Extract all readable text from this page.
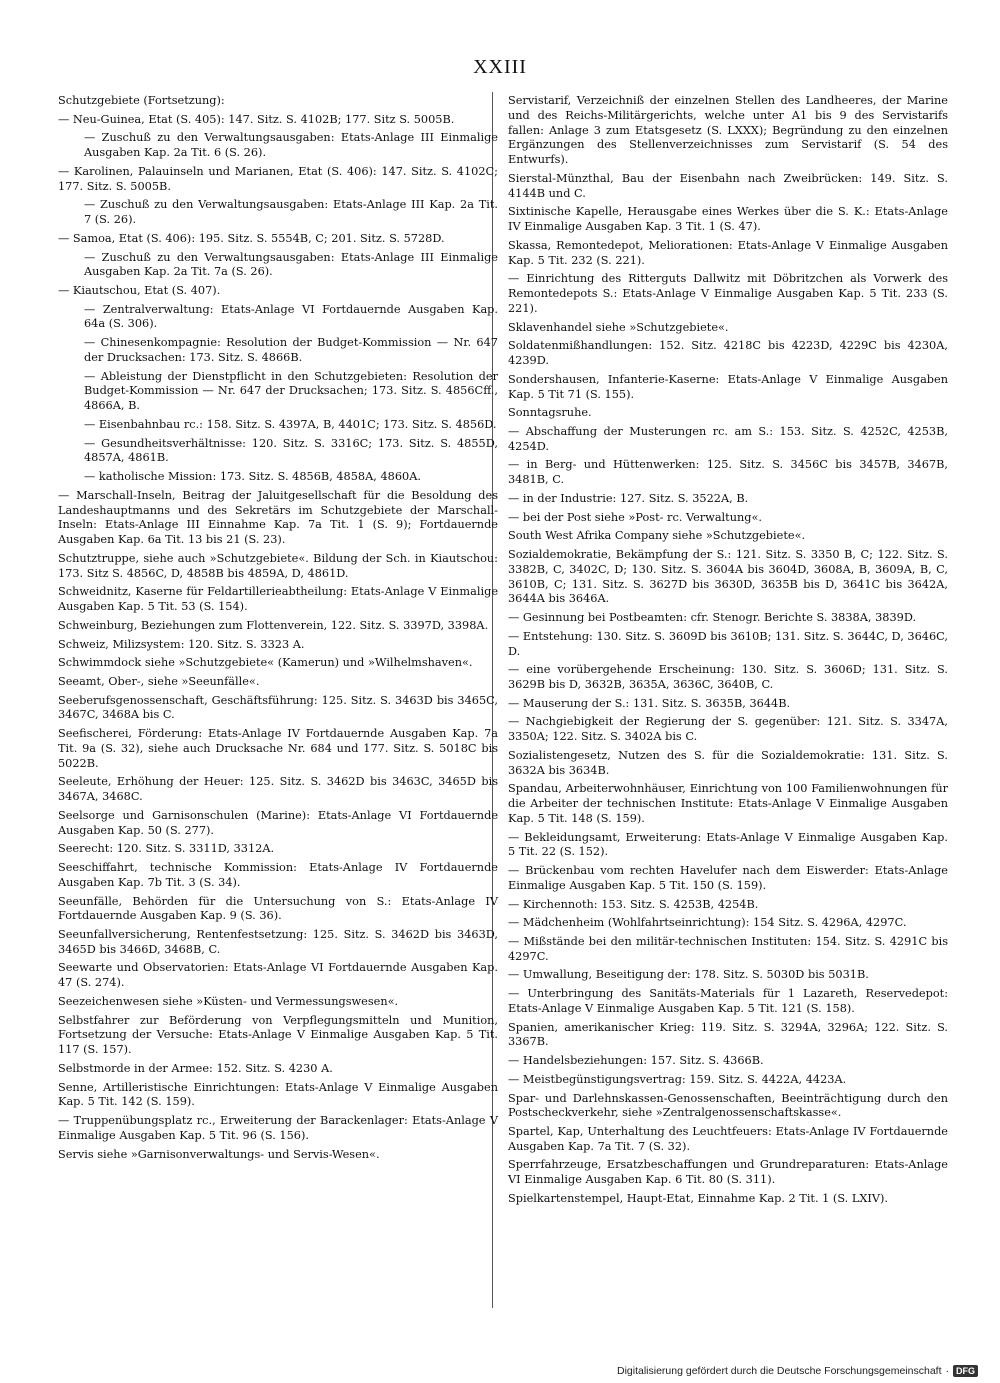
XXIII
Schutzgebiete (Fortsetzung):
— Neu-Guinea, Etat (S. 405): 147. Sitz. S. 4102B; 177. Sitz S. 5005B.
— Zuschuß zu den Verwaltungsausgaben: Etats-Anlage III Einmalige Ausgaben Kap. 2a Tit. 6 (S. 26).
— Karolinen, Palauinseln und Marianen, Etat (S. 406): 147. Sitz. S. 4102C; 177. Sitz. S. 5005B.
— Zuschuß zu den Verwaltungsausgaben: Etats-Anlage III Kap. 2a Tit. 7 (S. 26).
— Samoa, Etat (S. 406): 195. Sitz. S. 5554B, C; 201. Sitz. S. 5728D.
— Zuschuß zu den Verwaltungsausgaben: Etats-Anlage III Einmalige Ausgaben Kap. 2a Tit. 7a (S. 26).
— Kiautschou, Etat (S. 407).
— Zentralverwaltung: Etats-Anlage VI Fortdauernde Ausgaben Kap. 64a (S. 306).
— Chinesenkompagnie: Resolution der Budget-Kommission — Nr. 647 der Drucksachen: 173. Sitz. S. 4866B.
— Ableistung der Dienstpflicht in den Schutzgebieten: Resolution der Budget-Kommission — Nr. 647 der Drucksachen; 173. Sitz. S. 4856Cff., 4866A, B.
— Eisenbahnbau rc.: 158. Sitz. S. 4397A, B, 4401C; 173. Sitz. S. 4856D.
— Gesundheitsverhältnisse: 120. Sitz. S. 3316C; 173. Sitz. S. 4855D, 4857A, 4861B.
— katholische Mission: 173. Sitz. S. 4856B, 4858A, 4860A.
— Marschall-Inseln, Beitrag der Jaluitgesellschaft für die Besoldung des Landeshauptmanns und des Sekretärs im Schutzgebiete der Marschall-Inseln: Etats-Anlage III Einnahme Kap. 7a Tit. 1 (S. 9); Fortdauernde Ausgaben Kap. 6a Tit. 13 bis 21 (S. 23).
Schutztruppe, siehe auch »Schutzgebiete«. Bildung der Sch. in Kiautschou: 173. Sitz S. 4856C, D, 4858B bis 4859A, D, 4861D.
Schweidnitz, Kaserne für Feldartillerieabtheilung: Etats-Anlage V Einmalige Ausgaben Kap. 5 Tit. 53 (S. 154).
Schweinburg, Beziehungen zum Flottenverein, 122. Sitz. S. 3397D, 3398A.
Schweiz, Milizsystem: 120. Sitz. S. 3323 A.
Schwimmdock siehe »Schutzgebiete« (Kamerun) und »Wilhelmshaven«.
Seeamt, Ober-, siehe »Seeunfälle«.
Seeberufsgenossenschaft, Geschäftsführung: 125. Sitz. S. 3463D bis 3465C, 3467C, 3468A bis C.
Seefischerei, Förderung: Etats-Anlage IV Fortdauernde Ausgaben Kap. 7a Tit. 9a (S. 32), siehe auch Drucksache Nr. 684 und 177. Sitz. S. 5018C bis 5022B.
Seeleute, Erhöhung der Heuer: 125. Sitz. S. 3462D bis 3463C, 3465D bis 3467A, 3468C.
Seelsorge und Garnisonschulen (Marine): Etats-Anlage VI Fortdauernde Ausgaben Kap. 50 (S. 277).
Seerecht: 120. Sitz. S. 3311D, 3312A.
Seeschiffahrt, technische Kommission: Etats-Anlage IV Fortdauernde Ausgaben Kap. 7b Tit. 3 (S. 34).
Seeunfälle, Behörden für die Untersuchung von S.: Etats-Anlage IV Fortdauernde Ausgaben Kap. 9 (S. 36).
Seeunfallversicherung, Rentenfestsetzung: 125. Sitz. S. 3462D bis 3463D, 3465D bis 3466D, 3468B, C.
Seewarte und Observatorien: Etats-Anlage VI Fortdauernde Ausgaben Kap. 47 (S. 274).
Seezeichenwesen siehe »Küsten- und Vermessungswesen«.
Selbstfahrer zur Beförderung von Verpflegungsmitteln und Munition, Fortsetzung der Versuche: Etats-Anlage V Einmalige Ausgaben Kap. 5 Tit. 117 (S. 157).
Selbstmorde in der Armee: 152. Sitz. S. 4230 A.
Senne, Artilleristische Einrichtungen: Etats-Anlage V Einmalige Ausgaben Kap. 5 Tit. 142 (S. 159).
— Truppenübungsplatz rc., Erweiterung der Barackenlager: Etats-Anlage V Einmalige Ausgaben Kap. 5 Tit. 96 (S. 156).
Servis siehe »Garnisonverwaltungs- und Servis-Wesen«.
Servistarif, Verzeichniß der einzelnen Stellen des Landheeres, der Marine und des Reichs-Militärgerichts, welche unter A1 bis 9 des Servistarifs fallen: Anlage 3 zum Etatsgesetz (S. LXXX); Begründung zu den einzelnen Ergänzungen des Stellenverzeichnisses zum Servistarif (S. 54 des Entwurfs).
Sierstal-Münzthal, Bau der Eisenbahn nach Zweibrücken: 149. Sitz. S. 4144B und C.
Sixtinische Kapelle, Herausgabe eines Werkes über die S. K.: Etats-Anlage IV Einmalige Ausgaben Kap. 3 Tit. 1 (S. 47).
Skassa, Remontedepot, Meliorationen: Etats-Anlage V Einmalige Ausgaben Kap. 5 Tit. 232 (S. 221).
— Einrichtung des Ritterguts Dallwitz mit Döbritzchen als Vorwerk des Remontedepots S.: Etats-Anlage V Einmalige Ausgaben Kap. 5 Tit. 233 (S. 221).
Sklavenhandel siehe »Schutzgebiete«.
Soldatenmißhandlungen: 152. Sitz. 4218C bis 4223D, 4229C bis 4230A, 4239D.
Sondershausen, Infanterie-Kaserne: Etats-Anlage V Einmalige Ausgaben Kap. 5 Tit 71 (S. 155).
Sonntagsruhe.
— Abschaffung der Musterungen rc. am S.: 153. Sitz. S. 4252C, 4253B, 4254D.
— in Berg- und Hüttenwerken: 125. Sitz. S. 3456C bis 3457B, 3467B, 3481B, C.
— in der Industrie: 127. Sitz. S. 3522A, B.
— bei der Post siehe »Post- rc. Verwaltung«.
South West Afrika Company siehe »Schutzgebiete«.
Sozialdemokratie, Bekämpfung der S.: 121. Sitz. S. 3350 B, C; 122. Sitz. S. 3382B, C, 3402C, D; 130. Sitz. S. 3604A bis 3604D, 3608A, B, 3609A, B, C, 3610B, C; 131. Sitz. S. 3627D bis 3630D, 3635B bis D, 3641C bis 3642A, 3644A bis 3646A.
— Gesinnung bei Postbeamten: cfr. Stenogr. Berichte S. 3838A, 3839D.
— Entstehung: 130. Sitz. S. 3609D bis 3610B; 131. Sitz. S. 3644C, D, 3646C, D.
— eine vorübergehende Erscheinung: 130. Sitz. S. 3606D; 131. Sitz. S. 3629B bis D, 3632B, 3635A, 3636C, 3640B, C.
— Mauserung der S.: 131. Sitz. S. 3635B, 3644B.
— Nachgiebigkeit der Regierung der S. gegenüber: 121. Sitz. S. 3347A, 3350A; 122. Sitz. S. 3402A bis C.
Sozialistengesetz, Nutzen des S. für die Sozialdemokratie: 131. Sitz. S. 3632A bis 3634B.
Spandau, Arbeiterwohnhäuser, Einrichtung von 100 Familienwohnungen für die Arbeiter der technischen Institute: Etats-Anlage V Einmalige Ausgaben Kap. 5 Tit. 148 (S. 159).
— Bekleidungsamt, Erweiterung: Etats-Anlage V Einmalige Ausgaben Kap. 5 Tit. 22 (S. 152).
— Brückenbau vom rechten Havelufer nach dem Eiswerder: Etats-Anlage Einmalige Ausgaben Kap. 5 Tit. 150 (S. 159).
— Kirchennoth: 153. Sitz. S. 4253B, 4254B.
— Mädchenheim (Wohlfahrtseinrichtung): 154 Sitz. S. 4296A, 4297C.
— Mißstände bei den militär-technischen Instituten: 154. Sitz. S. 4291C bis 4297C.
— Umwallung, Beseitigung der: 178. Sitz. S. 5030D bis 5031B.
— Unterbringung des Sanitäts-Materials für 1 Lazareth, Reservedepot: Etats-Anlage V Einmalige Ausgaben Kap. 5 Tit. 121 (S. 158).
Spanien, amerikanischer Krieg: 119. Sitz. S. 3294A, 3296A; 122. Sitz. S. 3367B.
— Handelsbeziehungen: 157. Sitz. S. 4366B.
— Meistbegünstigungsvertrag: 159. Sitz. S. 4422A, 4423A.
Spar- und Darlehnskassen-Genossenschaften, Beeinträchtigung durch den Postscheckverkehr, siehe »Zentralgenossenschaftskasse«.
Spartel, Kap, Unterhaltung des Leuchtfeuers: Etats-Anlage IV Fortdauernde Ausgaben Kap. 7a Tit. 7 (S. 32).
Sperrfahrzeuge, Ersatzbeschaffungen und Grundreparaturen: Etats-Anlage VI Einmalige Ausgaben Kap. 6 Tit. 80 (S. 311).
Spielkartenstempel, Haupt-Etat, Einnahme Kap. 2 Tit. 1 (S. LXIV).
Digitalisierung gefördert durch die Deutsche Forschungsgemeinschaft · DFG
